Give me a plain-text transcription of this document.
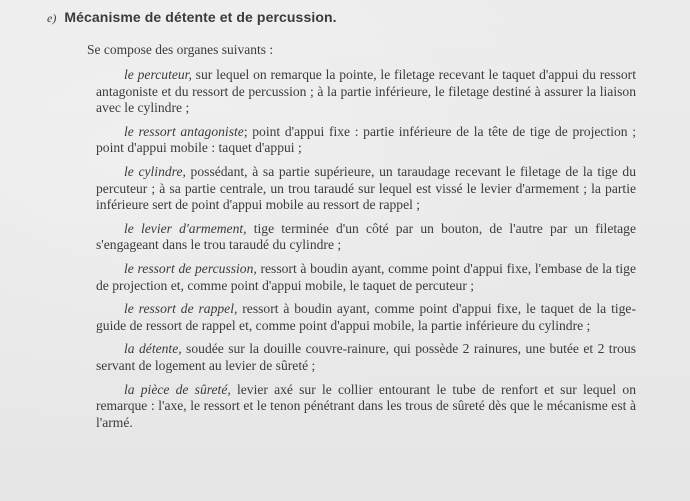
e) Mécanisme de détente et de percussion.
Se compose des organes suivants :

le percuteur, sur lequel on remarque la pointe, le filetage recevant le taquet d'appui du ressort antagoniste et du ressort de percussion ; à la partie inférieure, le filetage destiné à assurer la liaison avec le cylindre ;

le ressort antagoniste; point d'appui fixe : partie inférieure de la tête de tige de projection ; point d'appui mobile : taquet d'appui ;

le cylindre, possédant, à sa partie supérieure, un taraudage recevant le filetage de la tige du percuteur ; à sa partie centrale, un trou taraudé sur lequel est vissé le levier d'armement ; la partie inférieure sert de point d'appui mobile au ressort de rappel ;

le levier d'armement, tige terminée d'un côté par un bouton, de l'autre par un filetage s'engageant dans le trou taraudé du cylindre ;

le ressort de percussion, ressort à boudin ayant, comme point d'appui fixe, l'embase de la tige de projection et, comme point d'appui mobile, le taquet de percuteur ;

le ressort de rappel, ressort à boudin ayant, comme point d'appui fixe, le taquet de la tige-guide de ressort de rappel et, comme point d'appui mobile, la partie inférieure du cylindre ;

la détente, soudée sur la douille couvre-rainure, qui possède 2 rainures, une butée et 2 trous servant de logement au levier de sûreté ;

la pièce de sûreté, levier axé sur le collier entourant le tube de renfort et sur lequel on remarque : l'axe, le ressort et le tenon pénétrant dans les trous de sûreté dès que le mécanisme est à l'armé.
